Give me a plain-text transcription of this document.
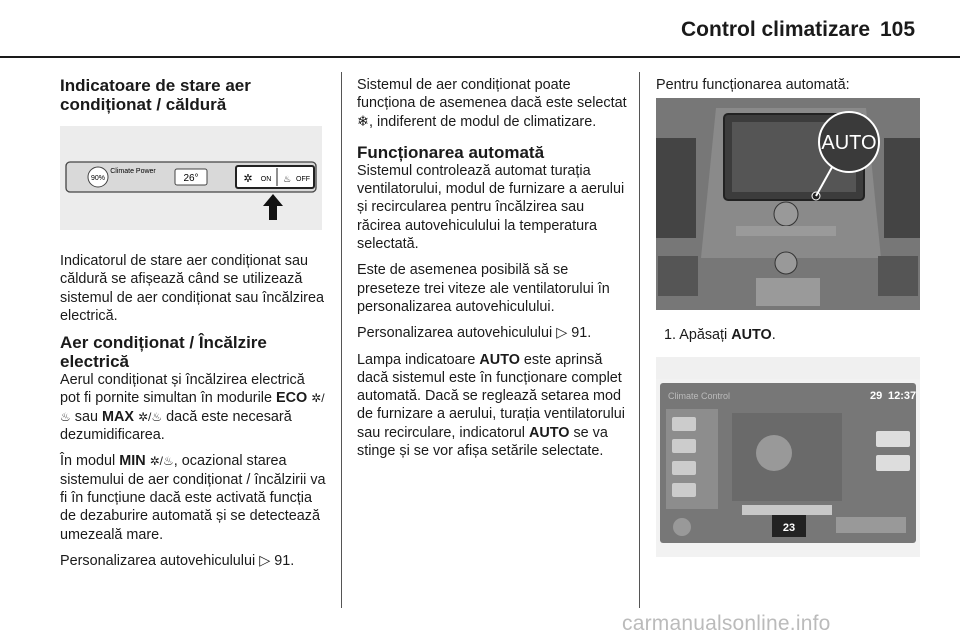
Control climatizare 105
Indicatoare de stare aer condiționat / căldură
90%
Climate Power
26°	✲ ON ♨ OFF

Indicatorul de stare aer condiționat sau căldură se afișează când se utilizează sistemul de aer condiționat sau încălzirea electrică.

Aer condiționat / Încălzire electrică

Aerul condiționat și încălzirea electrică pot fi pornite simultan în modurile ECO ✲/♨ sau MAX ✲/♨ dacă este necesară dezumidificarea.

În modul MIN ✲/♨, ocazional starea sistemului de aer condiționat / încălzirii va fi în funcțiune dacă este activată funcția de dezaburire automată și se detectează umezeală mare.

Personalizarea autovehiculului ▷ 91.

Sistemul de aer condiționat poate funcționa de asemenea dacă este selectat ❄, indiferent de modul de climatizare.

Funcționarea automată

Sistemul controlează automat turația ventilatorului, modul de furnizare a aerului și recircularea pentru încălzirea sau răcirea autovehiculului la temperatura selectată.

Este de asemenea posibilă să se preseteze trei viteze ale ventilatorului în personalizarea autovehiculului.

Personalizarea autovehiculului ▷ 91.

Lampa indicatoare AUTO este aprinsă dacă sistemul este în funcționare complet automată. Dacă se reglează setarea mod de furnizare a aerului, turația ventilatorului sau recirculare, indicatorul AUTO se va stinge și se vor afișa setările selectate.

Pentru funcționarea automată:

AUTO

1. Apăsați AUTO.

Climate Control	29 12:37
23
carmanualsonline.info
